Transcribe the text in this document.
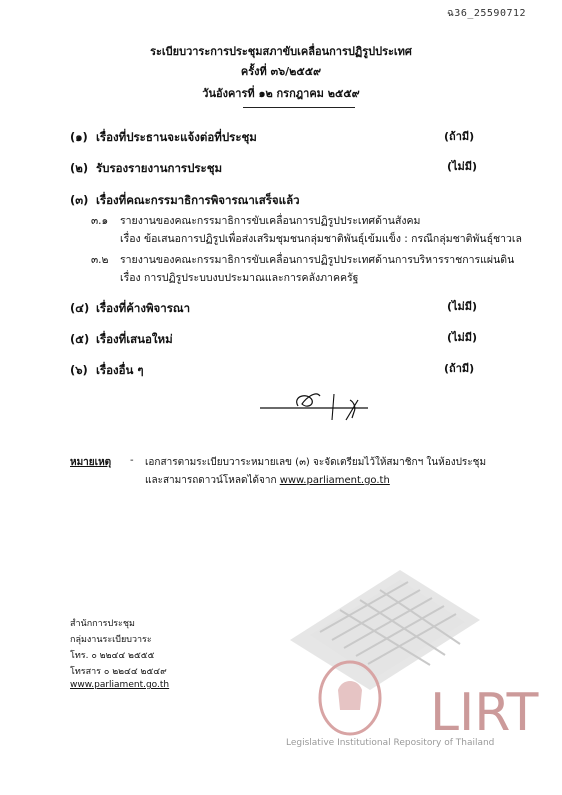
ฉ36_25590712
ระเบียบวาระการประชุมสภาขับเคลื่อนการปฏิรูปประเทศ
ครั้งที่ ๓๖/๒๕๕๙
วันอังคารที่ ๑๒ กรกฎาคม ๒๕๕๙
(๑) เรื่องที่ประธานจะแจ้งต่อที่ประชุม	(ถ้ามี)
(๒) รับรองรายงานการประชุม	(ไม่มี)
(๓) เรื่องที่คณะกรรมาธิการพิจารณาเสร็จแล้ว
๓.๑ รายงานของคณะกรรมาธิการขับเคลื่อนการปฏิรูปประเทศด้านสังคม
เรื่อง ข้อเสนอการปฏิรูปเพื่อส่งเสริมชุมชนกลุ่มชาติพันธุ์เข้มแข็ง : กรณีกลุ่มชาติพันธุ์ชาวเล
๓.๒ รายงานของคณะกรรมาธิการขับเคลื่อนการปฏิรูปประเทศด้านการบริหารราชการแผ่นดิน
เรื่อง การปฏิรูประบบงบประมาณและการคลังภาคครัฐ
(๔) เรื่องที่ค้างพิจารณา	(ไม่มี)
(๕) เรื่องที่เสนอใหม่	(ไม่มี)
(๖) เรื่องอื่น ๆ	(ถ้ามี)
หมายเหตุ - เอกสารตามระเบียบวาระหมายเลข (๓) จะจัดเตรียมไว้ให้สมาชิกฯ ในห้องประชุม
และสามารถดาวน์โหลดได้จาก www.parliament.go.th
LIRT
Legislative Institutional Repository of Thailand
สำนักการประชุม
กลุ่มงานระเบียบวาระ
โทร. ๐ ๒๒๔๔ ๒๕๕๕
โทรสาร ๐ ๒๒๔๔ ๒๕๔๙
www.parliament.go.th
